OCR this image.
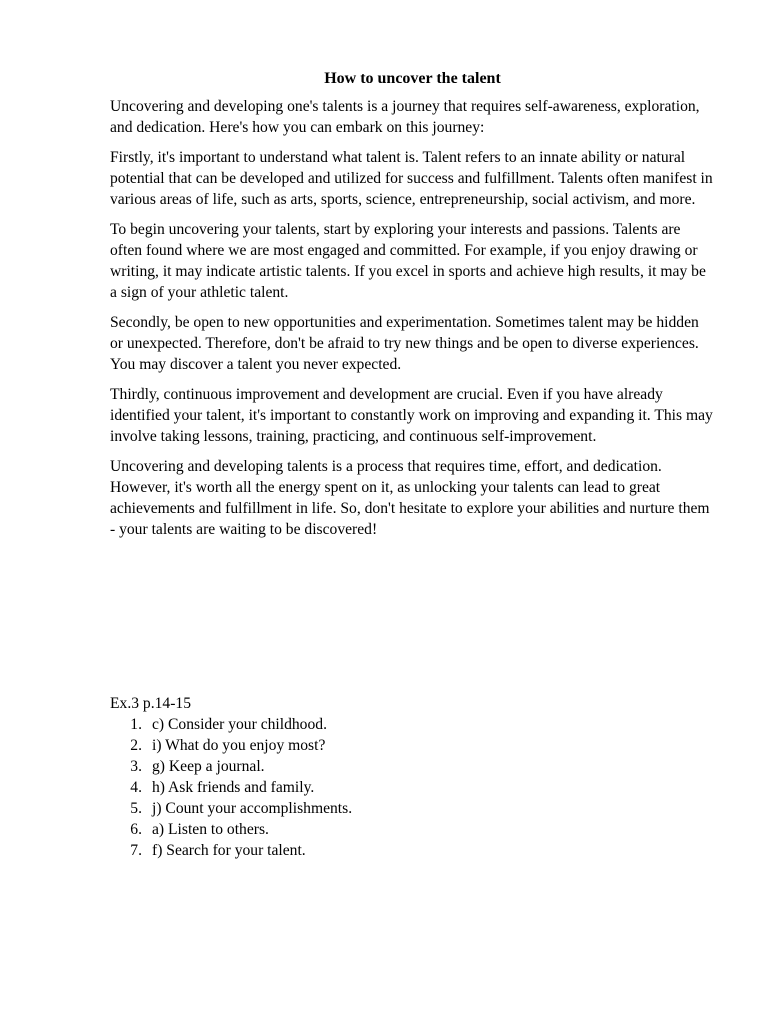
How to uncover the talent

Uncovering and developing one's talents is a journey that requires self-awareness, exploration, and dedication. Here's how you can embark on this journey:

Firstly, it's important to understand what talent is. Talent refers to an innate ability or natural potential that can be developed and utilized for success and fulfillment. Talents often manifest in various areas of life, such as arts, sports, science, entrepreneurship, social activism, and more.

To begin uncovering your talents, start by exploring your interests and passions. Talents are often found where we are most engaged and committed. For example, if you enjoy drawing or writing, it may indicate artistic talents. If you excel in sports and achieve high results, it may be a sign of your athletic talent.

Secondly, be open to new opportunities and experimentation. Sometimes talent may be hidden or unexpected. Therefore, don't be afraid to try new things and be open to diverse experiences. You may discover a talent you never expected.

Thirdly, continuous improvement and development are crucial. Even if you have already identified your talent, it's important to constantly work on improving and expanding it. This may involve taking lessons, training, practicing, and continuous self-improvement.

Uncovering and developing talents is a process that requires time, effort, and dedication. However, it's worth all the energy spent on it, as unlocking your talents can lead to great achievements and fulfillment in life. So, don't hesitate to explore your abilities and nurture them - your talents are waiting to be discovered!

Ex.3 p.14-15
1. c) Consider your childhood.
2. i) What do you enjoy most?
3. g) Keep a journal.
4. h) Ask friends and family.
5. j) Count your accomplishments.
6. a) Listen to others.
7. f) Search for your talent.
